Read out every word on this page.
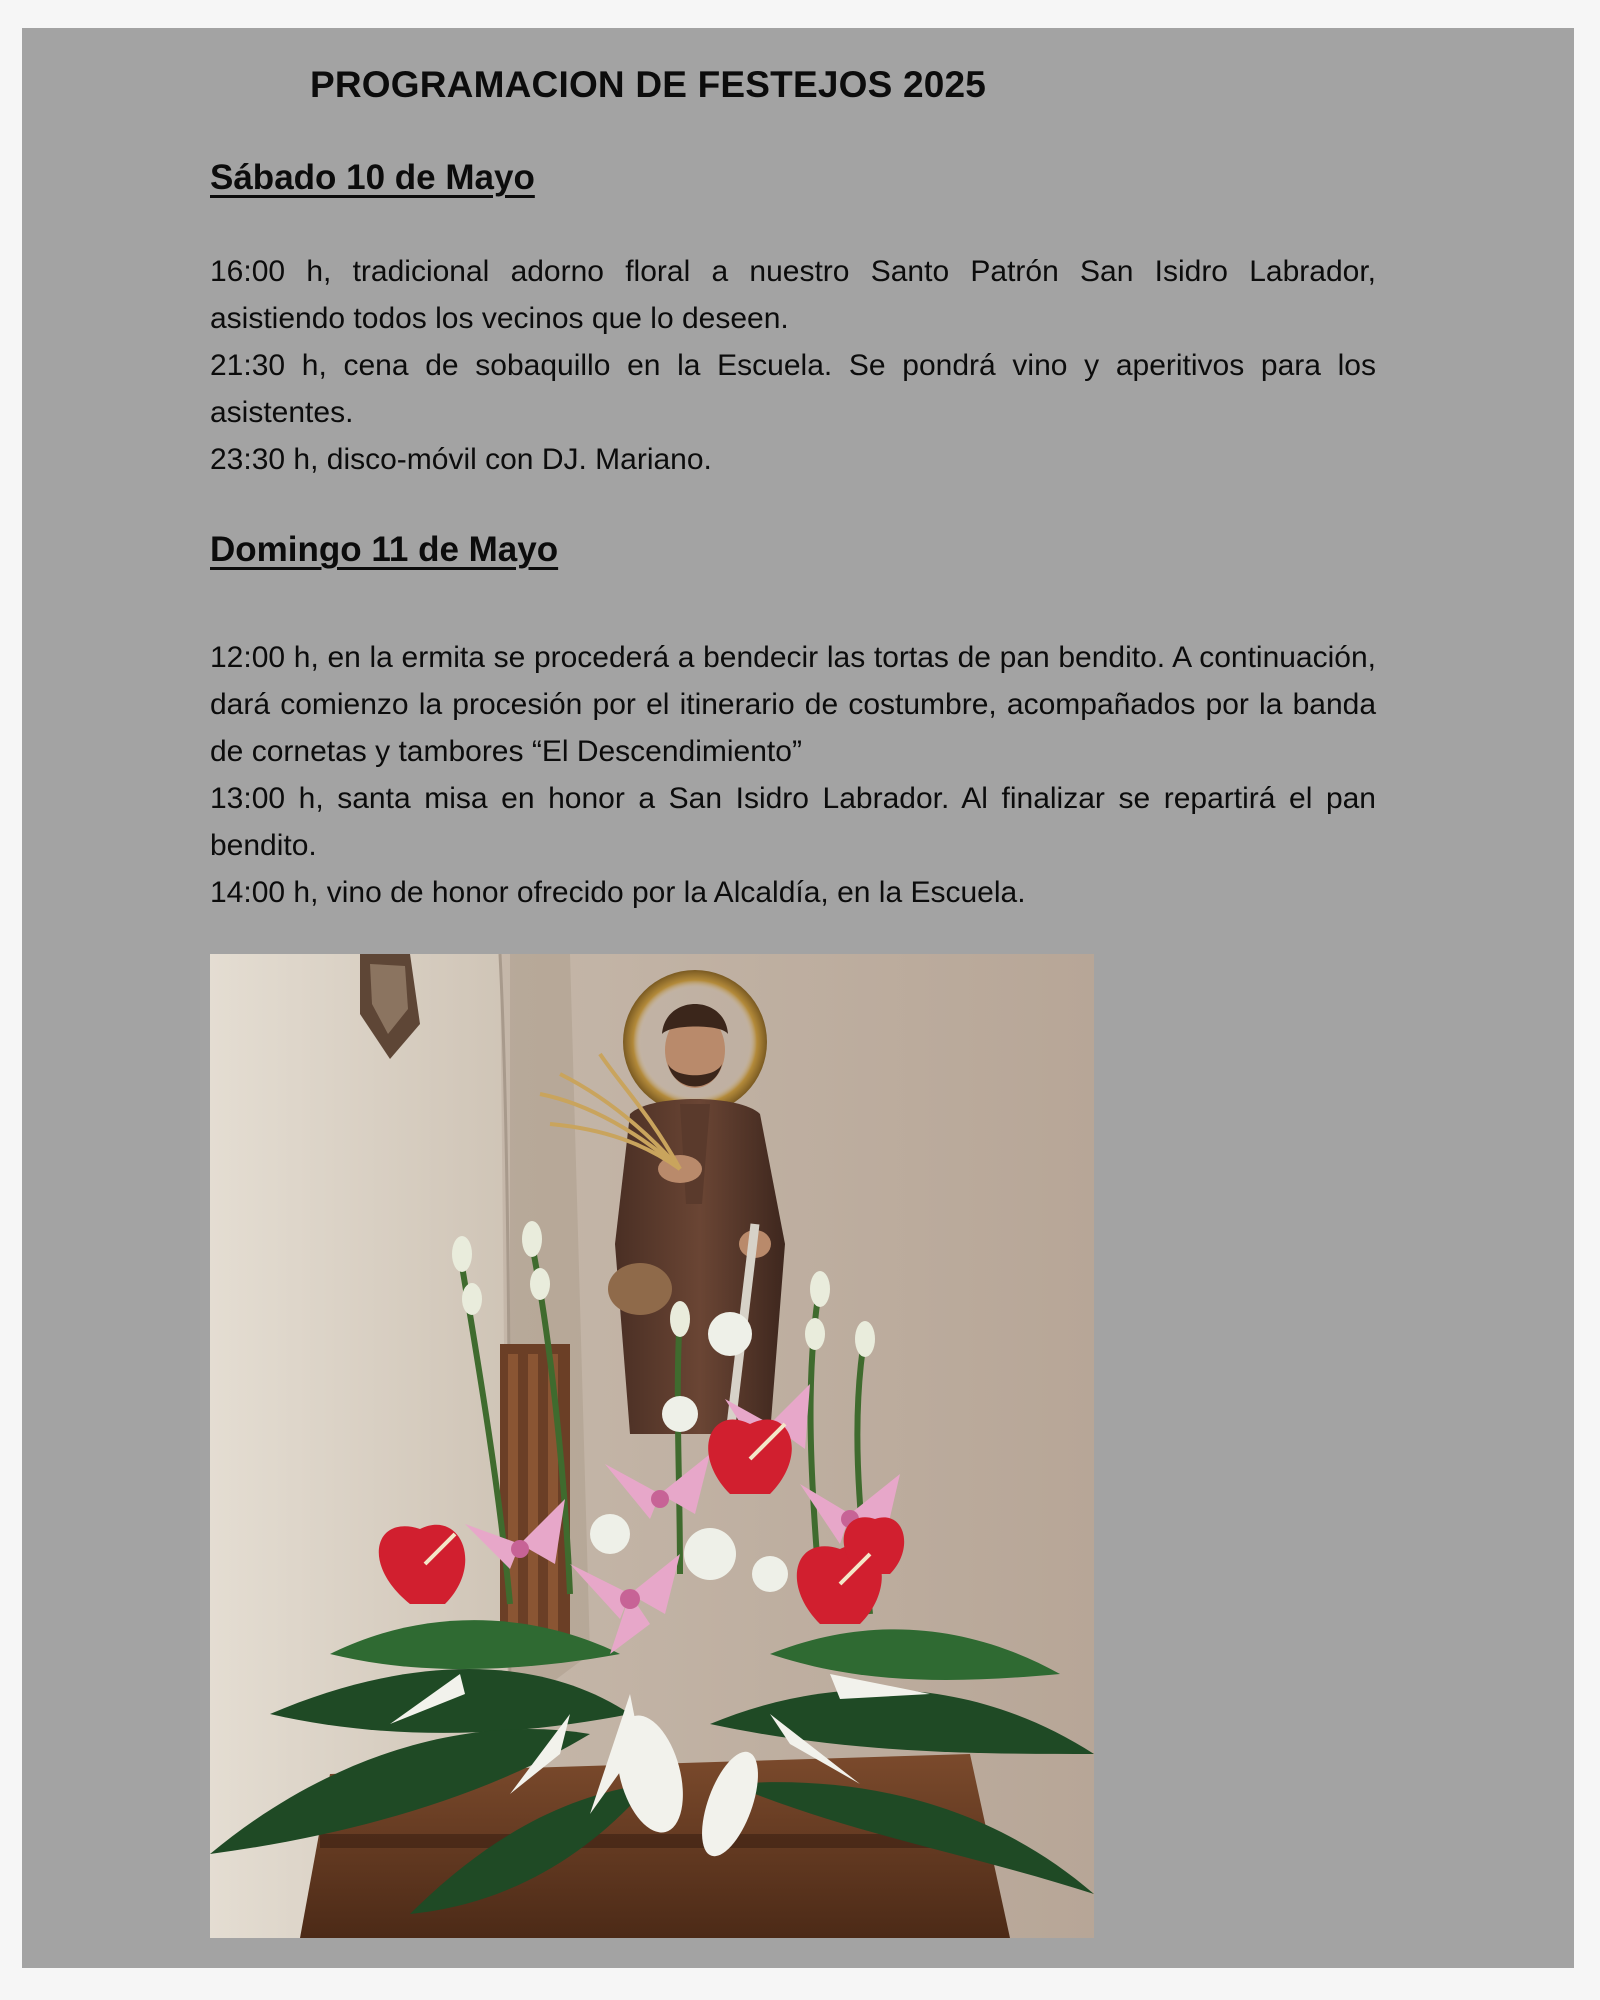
PROGRAMACION DE FESTEJOS 2025
Sábado 10 de Mayo

16:00 h, tradicional adorno floral a nuestro Santo Patrón San Isidro Labrador, asistiendo todos los vecinos que lo deseen.

21:30 h, cena de sobaquillo en la Escuela. Se pondrá vino y aperitivos para los asistentes.

23:30 h, disco-móvil con DJ. Mariano.

Domingo 11 de Mayo

12:00 h, en la ermita se procederá a bendecir las tortas de pan bendito. A continuación, dará comienzo la procesión por el itinerario de costumbre, acompañados por la banda de cornetas y tambores “El Descendimiento”

13:00 h, santa misa en honor a San Isidro Labrador. Al finalizar se repartirá el pan bendito.

14:00 h, vino de honor ofrecido por la Alcaldía, en la Escuela.
